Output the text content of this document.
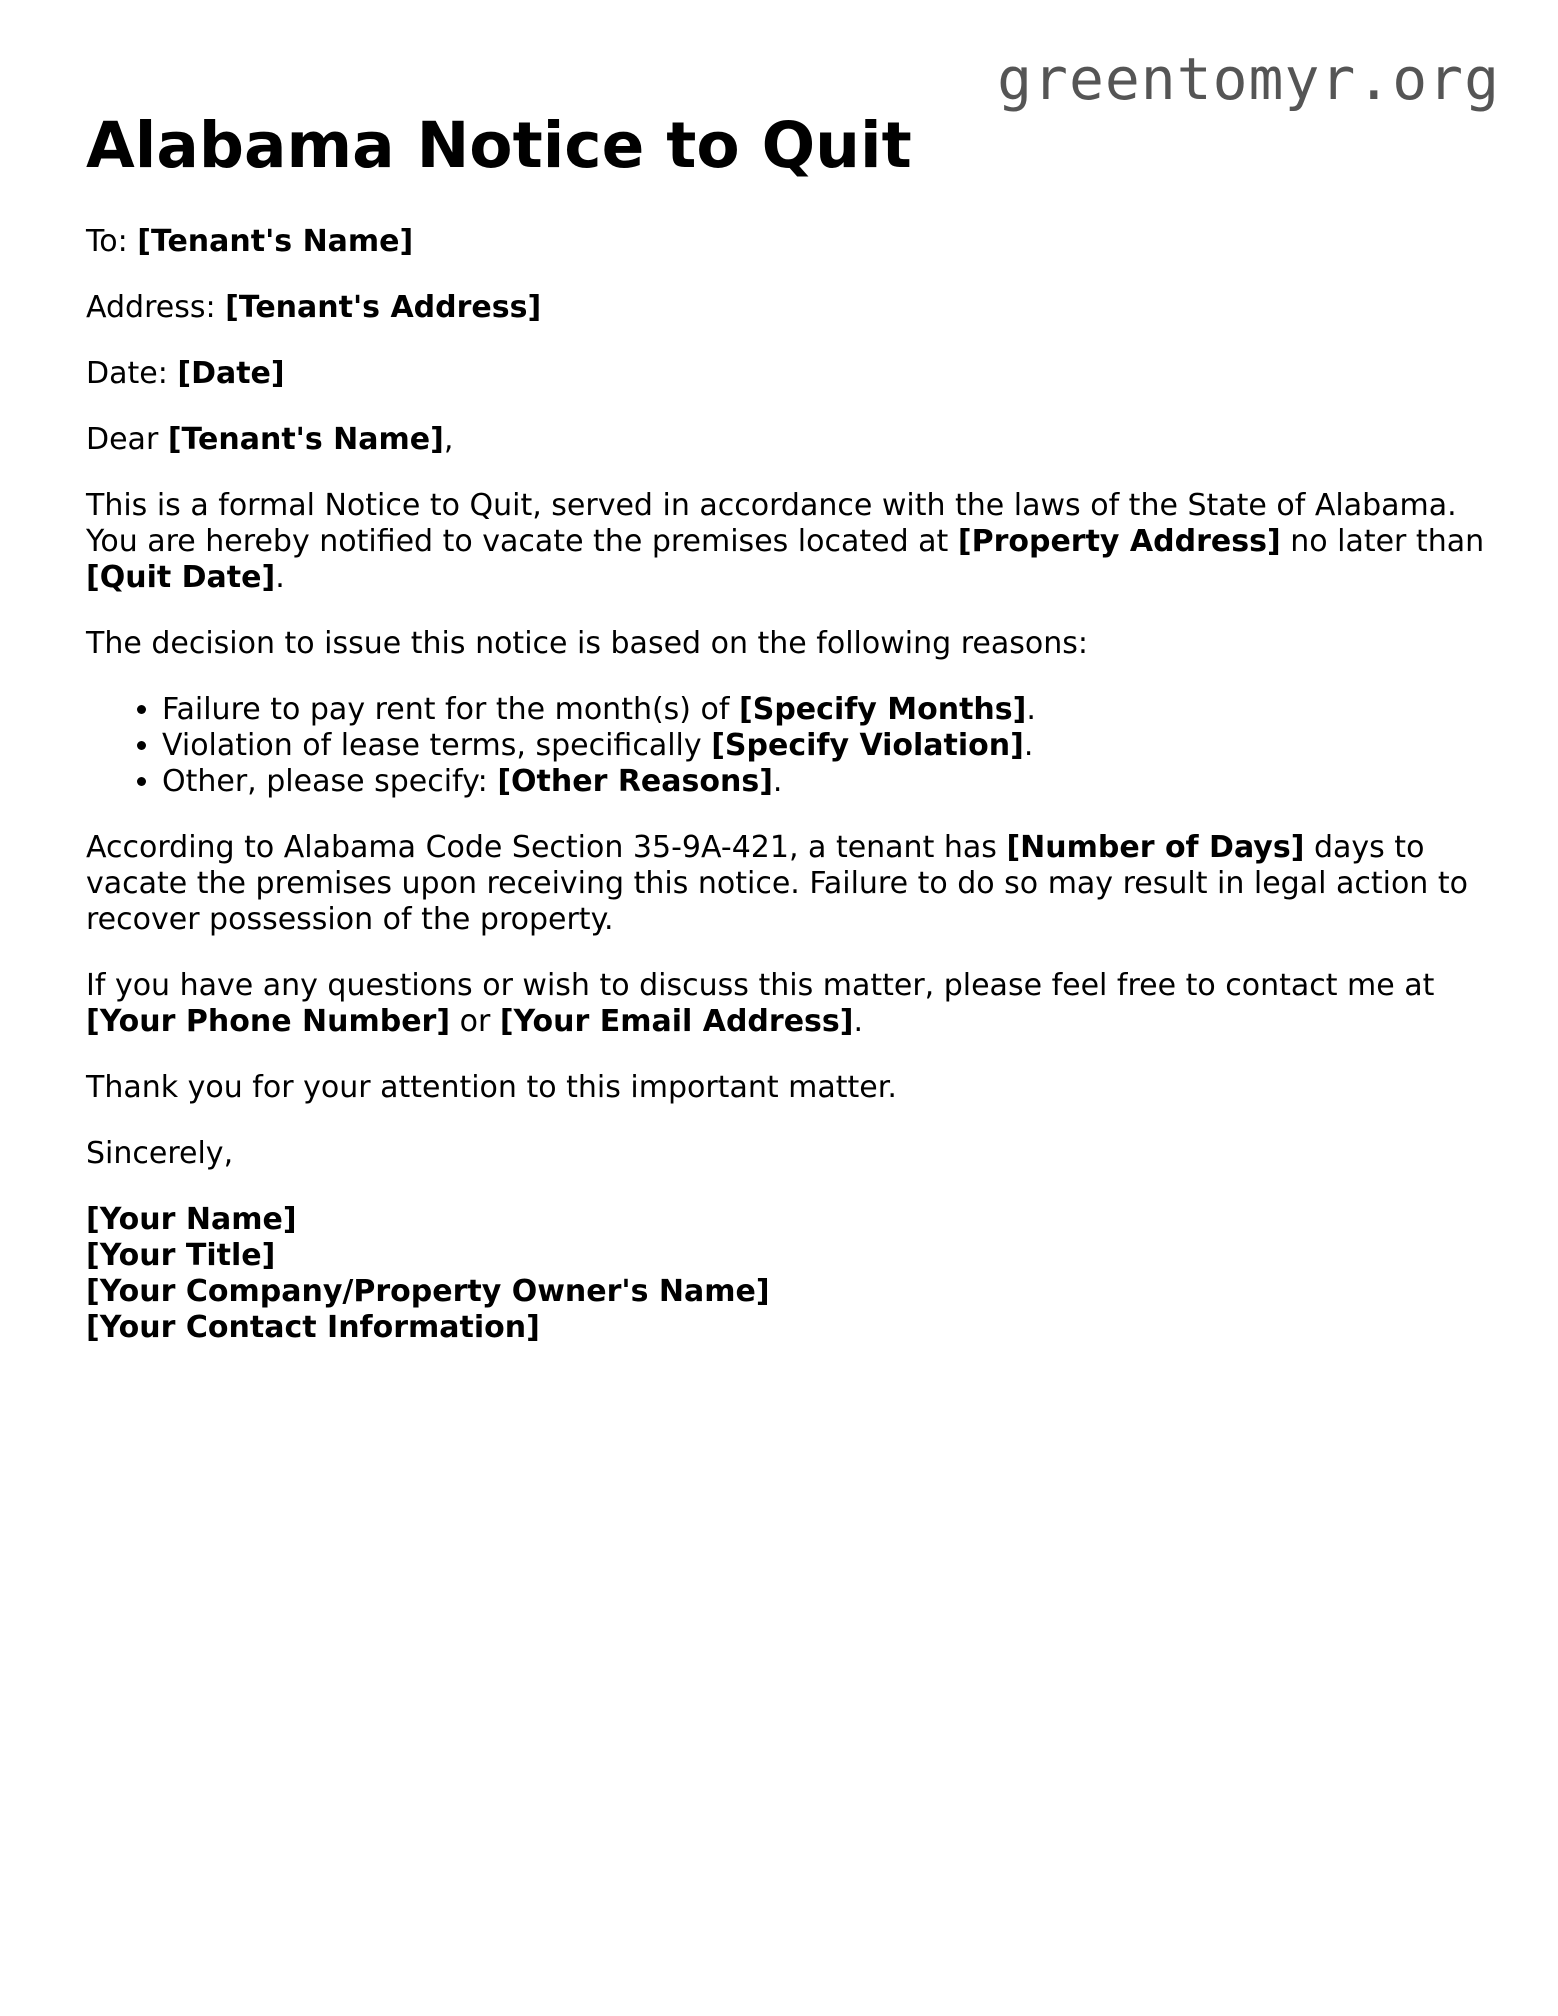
greentomyr.org
Alabama Notice to Quit

To: [Tenant's Name]

Address: [Tenant's Address]

Date: [Date]

Dear [Tenant's Name],

This is a formal Notice to Quit, served in accordance with the laws of the State of Alabama. You are hereby notified to vacate the premises located at [Property Address] no later than [Quit Date].

The decision to issue this notice is based on the following reasons:

• Failure to pay rent for the month(s) of [Specify Months].
• Violation of lease terms, specifically [Specify Violation].
• Other, please specify: [Other Reasons].

According to Alabama Code Section 35-9A-421, a tenant has [Number of Days] days to vacate the premises upon receiving this notice. Failure to do so may result in legal action to recover possession of the property.

If you have any questions or wish to discuss this matter, please feel free to contact me at [Your Phone Number] or [Your Email Address].

Thank you for your attention to this important matter.

Sincerely,

[Your Name]
[Your Title]
[Your Company/Property Owner's Name]
[Your Contact Information]
